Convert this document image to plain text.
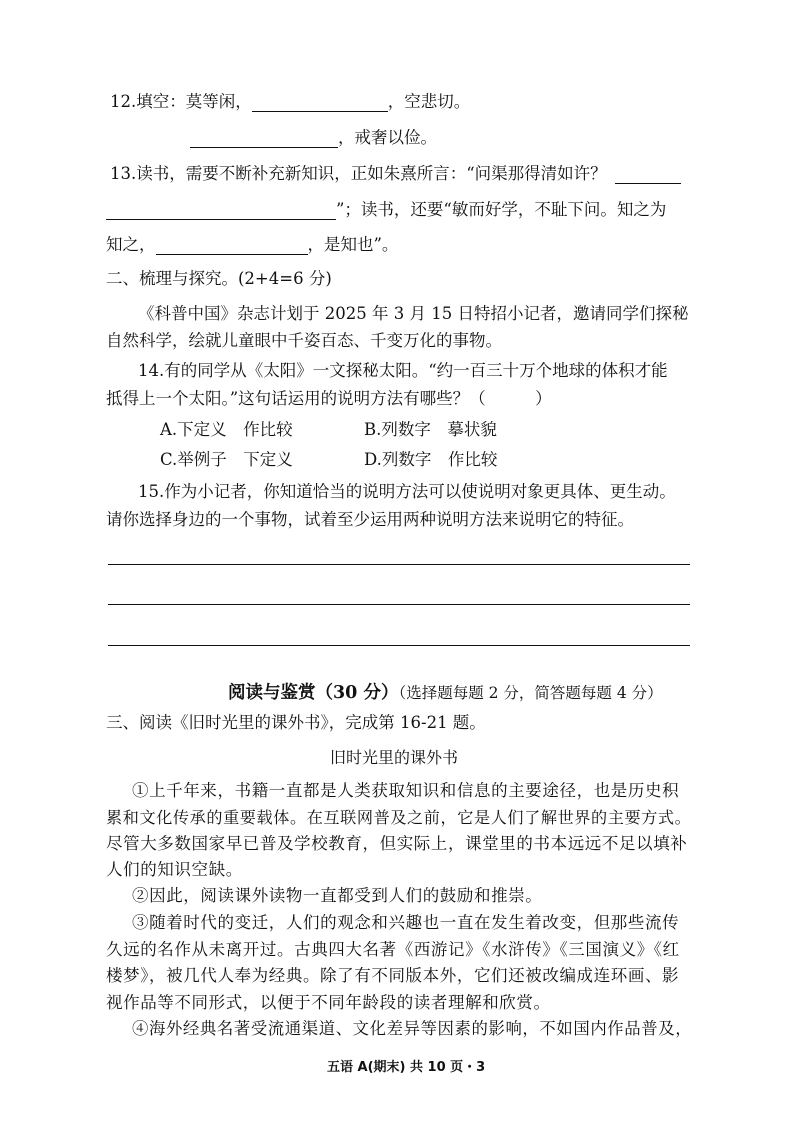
12.填空：莫等闲，	，空悲切。
，戒奢以俭。
13.读书，需要不断补充新知识，正如朱熹所言：“问渠那得清如许？
”；读书，还要“敏而好学，不耻下问。知之为
知之，	，是知也”。
二、梳理与探究。(2+4=6 分)
《科普中国》杂志计划于 2025 年 3 月 15 日特招小记者，邀请同学们探秘
自然科学，绘就儿童眼中千姿百态、千变万化的事物。
14.有的同学从《太阳》一文探秘太阳。“约一百三十万个地球的体积才能
抵得上一个太阳。”这句话运用的说明方法有哪些？（　　　）
A.下定义　作比较	B.列数字　摹状貌
C.举例子　下定义	D.列数字　作比较
15.作为小记者，你知道恰当的说明方法可以使说明对象更具体、更生动。
请你选择身边的一个事物，试着至少运用两种说明方法来说明它的特征。
阅读与鉴赏（30 分）（选择题每题 2 分，简答题每题 4 分）
三、阅读《旧时光里的课外书》，完成第 16-21 题。
旧时光里的课外书
①上千年来，书籍一直都是人类获取知识和信息的主要途径，也是历史积
累和文化传承的重要载体。在互联网普及之前，它是人们了解世界的主要方式。
尽管大多数国家早已普及学校教育，但实际上，课堂里的书本远远不足以填补
人们的知识空缺。
②因此，阅读课外读物一直都受到人们的鼓励和推崇。
③随着时代的变迁，人们的观念和兴趣也一直在发生着改变，但那些流传
久远的名作从未离开过。古典四大名著《西游记》《水浒传》《三国演义》《红
楼梦》，被几代人奉为经典。除了有不同版本外，它们还被改编成连环画、影
视作品等不同形式，以便于不同年龄段的读者理解和欣赏。
④海外经典名著受流通渠道、文化差异等因素的影响，不如国内作品普及，
五语 A(期末) 共 10 页・3
